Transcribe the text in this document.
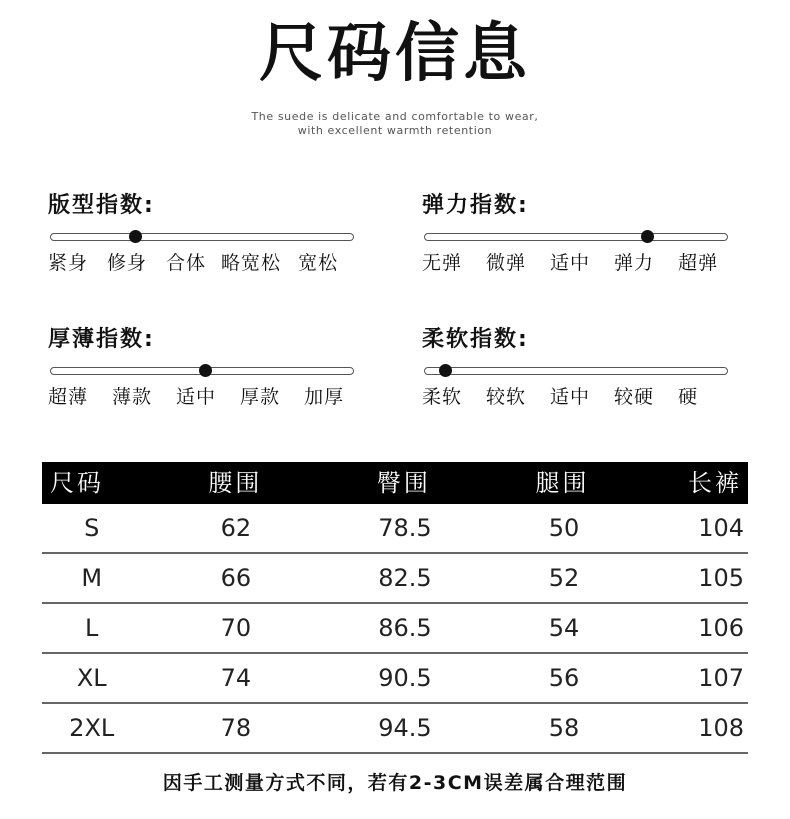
尺码信息
The suede is delicate and comfortable to wear,
with excellent warmth retention
版型指数:
紧身 修身 合体 略宽松 宽松
弹力指数:
无弹 微弹 适中 弹力 超弹
厚薄指数:
超薄 薄款 适中 厚款 加厚
柔软指数:
柔软 较软 适中 较硬 硬
尺码	腰围	臀围	腿围	长裤
S	62	78.5	50	104
M	66	82.5	52	105
L	70	86.5	54	106
XL	74	90.5	56	107
2XL	78	94.5	58	108
因手工测量方式不同，若有2-3CM误差属合理范围
